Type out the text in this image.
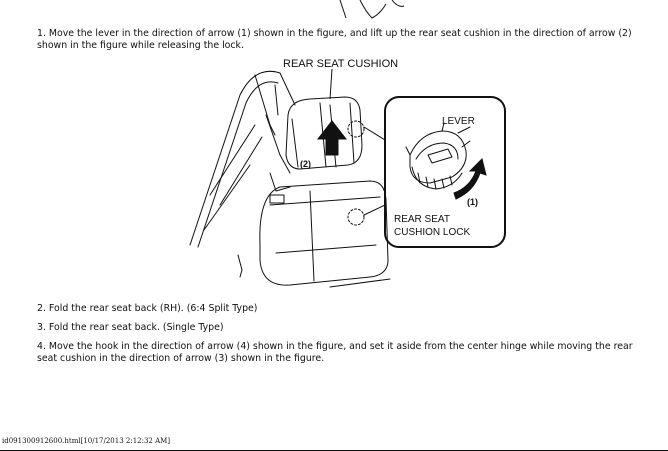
1. Move the lever in the direction of arrow (1) shown in the figure, and lift up the rear seat cushion in the direction of arrow (2) shown in the figure while releasing the lock.

REAR SEAT CUSHION
LEVER
(1)
(2)
REAR SEAT
CUSHION LOCK

2. Fold the rear seat back (RH). (6:4 Split Type)

3. Fold the rear seat back. (Single Type)

4. Move the hook in the direction of arrow (4) shown in the figure, and set it aside from the center hinge while moving the rear seat cushion in the direction of arrow (3) shown in the figure.

id091300912600.html[10/17/2013 2:12:32 AM]
